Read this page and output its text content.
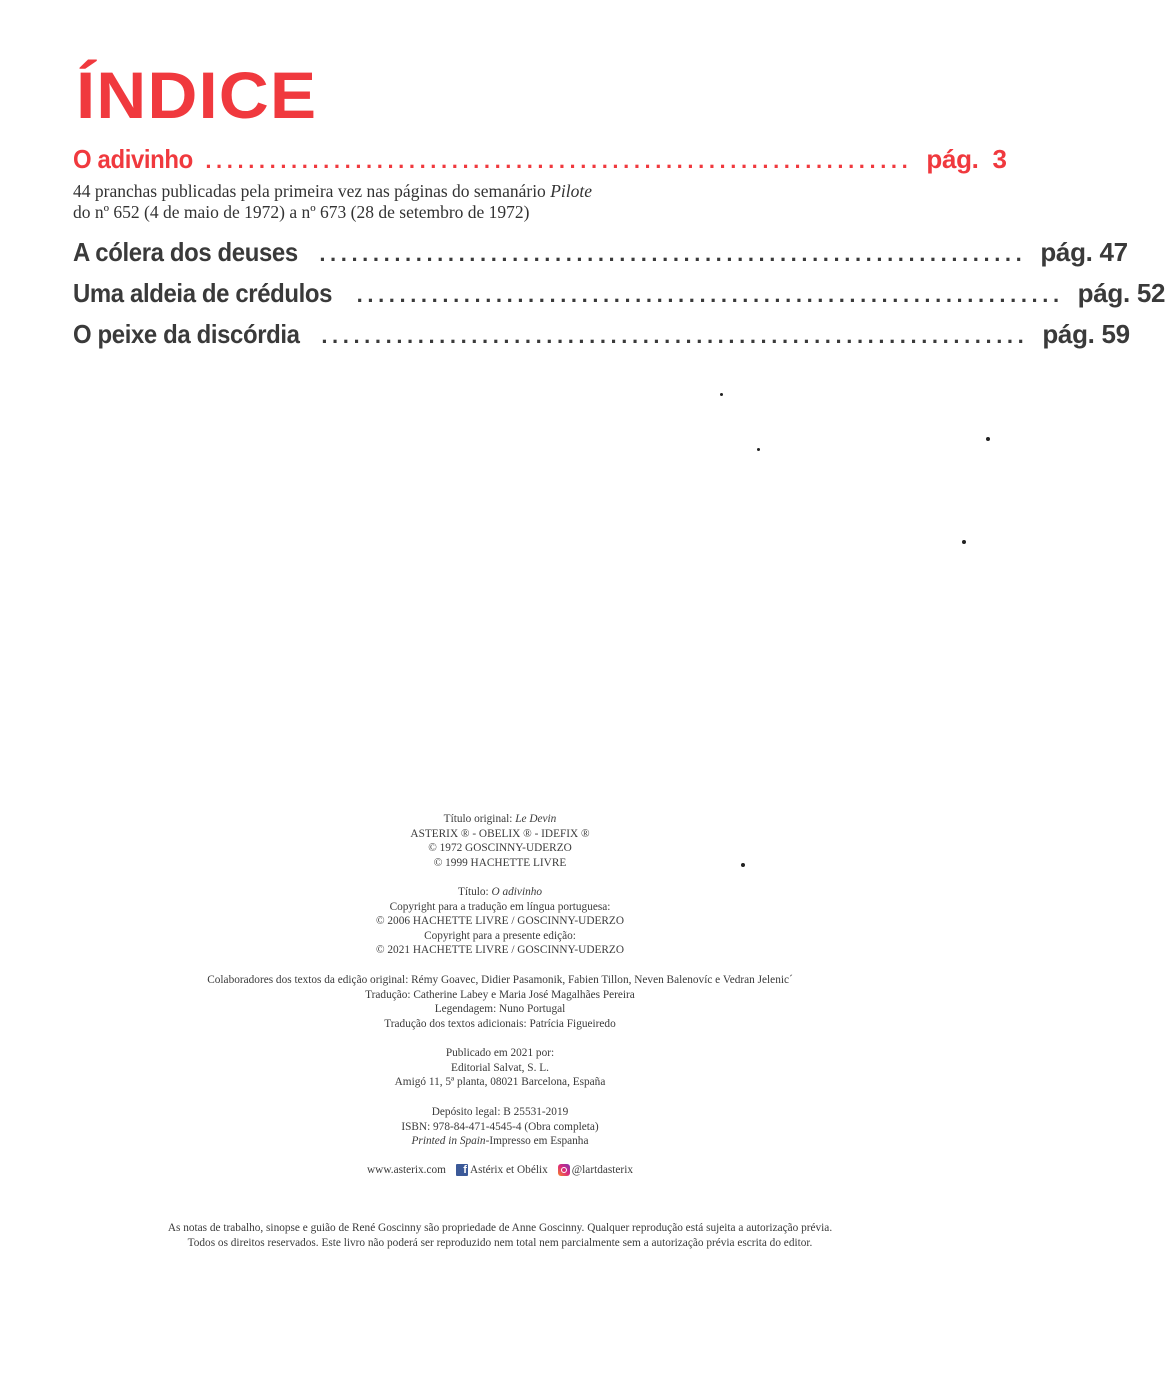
ÍNDICE
O adivinho .................................................................. pág.  3
44 pranchas publicadas pela primeira vez nas páginas do semanário Pilote
do nº 652 (4 de maio de 1972) a nº 673 (28 de setembro de 1972)
A cólera dos deuses .................................................................. pág. 47
Uma aldeia de crédulos .................................................................. pág. 52
O peixe da discórdia .................................................................. pág. 59
Título original: Le Devin
ASTERIX ® - OBELIX ® - IDEFIX ®
© 1972 GOSCINNY-UDERZO
© 1999 HACHETTE LIVRE
Título: O adivinho
Copyright para a tradução em língua portuguesa:
© 2006 HACHETTE LIVRE / GOSCINNY-UDERZO
Copyright para a presente edição:
© 2021 HACHETTE LIVRE / GOSCINNY-UDERZO
Colaboradores dos textos da edição original: Rémy Goavec, Didier Pasamonik, Fabien Tillon, Neven Balenovíc e Vedran Jelenic´
Tradução: Catherine Labey e Maria José Magalhães Pereira
Legendagem: Nuno Portugal
Tradução dos textos adicionais: Patrícia Figueiredo
Publicado em 2021 por:
Editorial Salvat, S. L.
Amigó 11, 5ª planta, 08021 Barcelona, España
Depósito legal: B 25531-2019
ISBN: 978-84-471-4545-4 (Obra completa)
Printed in Spain-Impresso em Espanha
www.asterix.com	f Astérix et Obélix	@lartdasterix
As notas de trabalho, sinopse e guião de René Goscinny são propriedade de Anne Goscinny. Qualquer reprodução está sujeita a autorização prévia.
Todos os direitos reservados. Este livro não poderá ser reproduzido nem total nem parcialmente sem a autorização prévia escrita do editor.
